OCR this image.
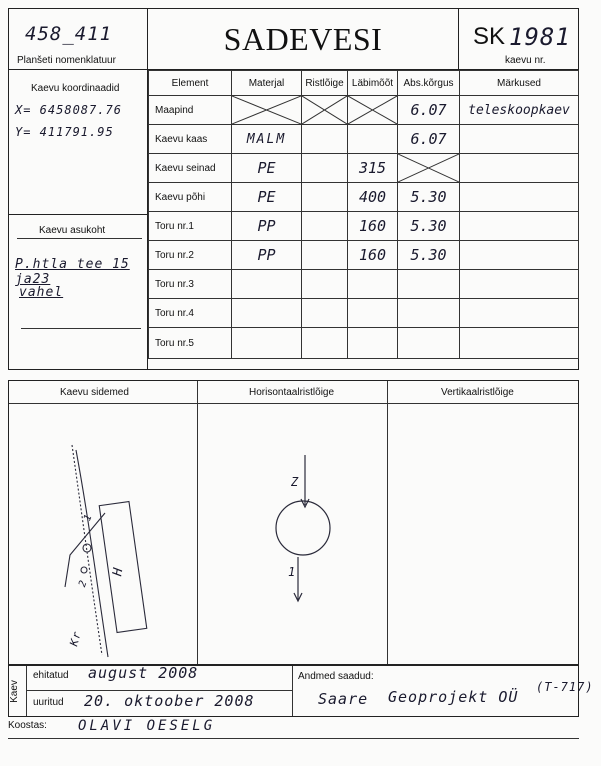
458_411
Planšeti nomenklatuur
SADEVESI	SK 1981
kaevu nr.
Kaevu koordinaadid
X= 6458087.76
Y= 411791.95
Kaevu asukoht
P.htla tee 15 ja23
vahel
Element	Materjal	Ristlõige	Läbimõõt	Abs.kõrgus	Märkused
Maapind				6.07	teleskoopkaev

Kaevu kaas	MALM			6.07	

Kaevu seinad	PE		315

Kaevu põhi	PE		400	5.30	

Toru nr.1	PP		160	5.30	

Toru nr.2	PP		160	5.30	

Toru nr.3					
Toru nr.4					
Toru nr.5					
Kaevu sidemed	Horisontaalristlõige	Vertikaalristlõige
H
1
2
Kr
Z
1
Kaev
ehitatud august 2008
uuritud 20. oktoober 2008
Andmed saadud:
Saare Geoprojekt OÜ
(T-717)
Koostas: OLAVI OESELG
